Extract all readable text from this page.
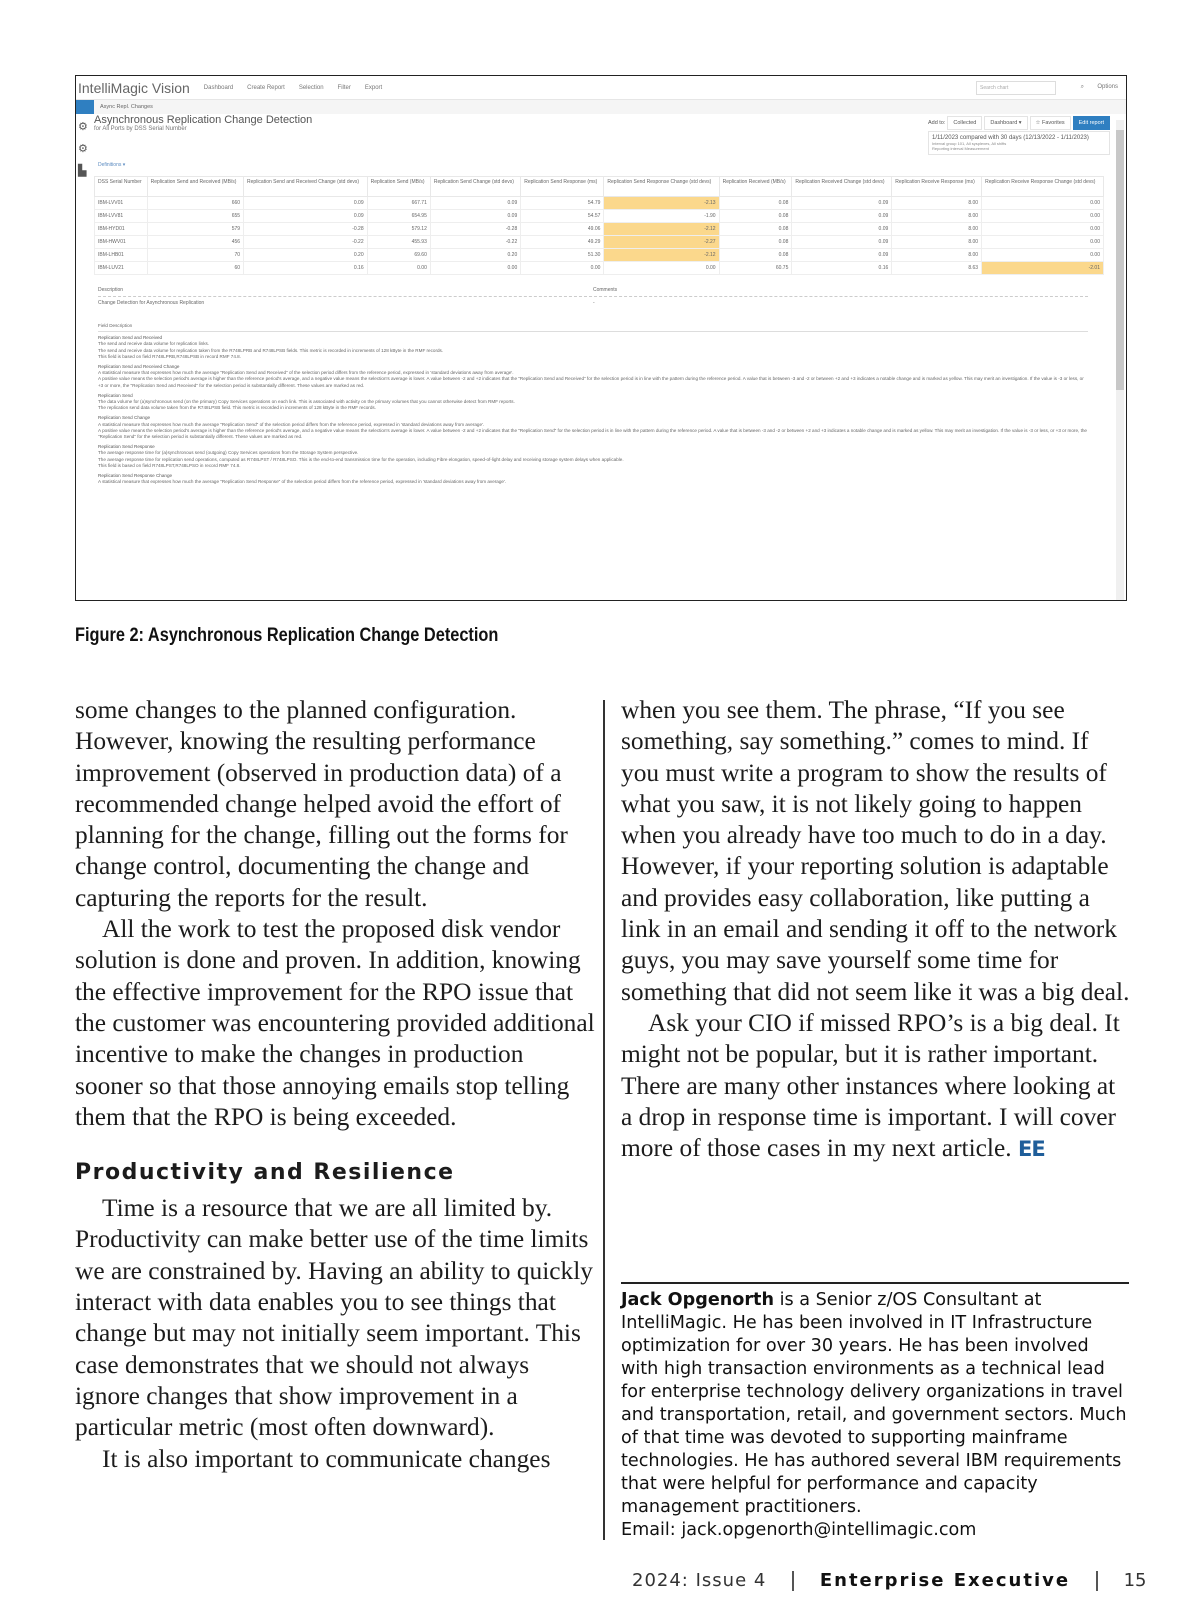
IntelliMagic Vision Dashboard Create Report Selection Filter Export	Search chart	⌕ Options
Async Repl. Changes
⚙
⚙
▙
Asynchronous Replication Change Detection
for All Ports by DSS Serial Number
Add to:	Collected	Dashboard ▾	☆ Favorites	Edit report
1/11/2023 compared with 30 days (12/13/2022 - 1/11/2023)
Interval group 101, All sysplexes, All shifts
Reporting interval Measurement
Definitions ▾
DSS Serial Number	Replication Send and Received (MB/s)	Replication Send and Received Change (std devs)	Replication Send (MB/s)	Replication Send Change (std devs)	Replication Send Response (ms)	Replication Send Response Change (std devs)	Replication Received (MB/s)	Replication Received Change (std devs)	Replication Receive Response (ms)	Replication Receive Response Change (std devs)
IBM-LVV01	660	0.09	667.71	0.09	54.79	-2.13	0.08	0.09	8.00	0.00
IBM-LVV81	655	0.09	654.95	0.09	54.57	-1.90	0.08	0.09	8.00	0.00
IBM-HYD01	579	-0.28	579.12	-0.28	49.06	-2.12	0.08	0.09	8.00	0.00
IBM-HWV01	456	-0.22	455.93	-0.22	49.29	-2.27	0.08	0.09	8.00	0.00
IBM-LHB01	70	0.20	69.60	0.20	51.30	-2.12	0.08	0.09	8.00	0.00
IBM-LUV21	60	0.16	0.00	0.00	0.00	0.00	60.75	0.16	8.63	-2.01
Description	Comments
Change Detection for Asynchronous Replication	-
Field Description
Replication Send and Received
The send and receive data volume for replication links.
The send and receive data volume for replication taken from the R748LPRB and R748LPSB fields. This metric is recorded in increments of 128 kByte in the RMF records.
This field is based on field R748LPRB,R748LPSB in record RMF 74.8.
Replication Send and Received Change
A statistical measure that expresses how much the average "Replication Send and Received" of the selection period differs from the reference period, expressed in 'standard deviations away from average'.
A positive value means the selection period's average is higher than the reference period's average, and a negative value means the selection's average is lower. A value between -2 and +2 indicates that the "Replication Send and Received" for the selection period is in line with the pattern during the reference period. A value that is between -3 and -2 or between +2 and +3 indicates a notable change and is marked as yellow. This may merit an investigation. If the value is -3 or less, or +3 or more, the "Replication Send and Received" for the selection period is substantially different. These values are marked as red.
Replication Send
The data volume for (a)synchronous send (on the primary) Copy Services operations on each link. This is associated with activity on the primary volumes that you cannot otherwise detect from RMF reports.
The replication send data volume taken from the R748LPSB field. This metric is recorded in increments of 128 kByte in the RMF records.
Replication Send Change
A statistical measure that expresses how much the average "Replication Send" of the selection period differs from the reference period, expressed in 'standard deviations away from average'.
A positive value means the selection period's average is higher than the reference period's average, and a negative value means the selection's average is lower. A value between -2 and +2 indicates that the "Replication Send" for the selection period is in line with the pattern during the reference period. A value that is between -3 and -2 or between +2 and +3 indicates a notable change and is marked as yellow. This may merit an investigation. If the value is -3 or less, or +3 or more, the "Replication Send" for the selection period is substantially different. These values are marked as red.
Replication Send Response
The average response time for (a)synchronous send (outgoing) Copy Services operations from the Storage System perspective.
The average response time for replication send operations, computed as R748LPST / R748LPSO. This is the end-to-end transmission time for the operation, including Fibre elongation, speed-of-light delay and receiving storage system delays when applicable.
This field is based on field R748LPST,R748LPSO in record RMF 74.8.
Replication Send Response Change
A statistical measure that expresses how much the average "Replication Send Response" of the selection period differs from the reference period, expressed in 'standard deviations away from average'.
Figure 2: Asynchronous Replication Change Detection

some changes to the planned configuration. However, knowing the resulting performance improvement (observed in production data) of a recommended change helped avoid the effort of planning for the change, filling out the forms for change control, documenting the change and capturing the reports for the result.

All the work to test the proposed disk vendor solution is done and proven. In addition, knowing the effective improvement for the RPO issue that the customer was encountering provided additional incentive to make the changes in production sooner so that those annoying emails stop telling them that the RPO is being exceeded.

Productivity and Resilience

Time is a resource that we are all limited by. Productivity can make better use of the time limits we are constrained by. Having an ability to quickly interact with data enables you to see things that change but may not initially seem important. This case demonstrates that we should not always ignore changes that show improvement in a particular metric (most often downward).

It is also important to communicate changes

when you see them. The phrase, “If you see something, say something.” comes to mind. If you must write a program to show the results of what you saw, it is not likely going to happen when you already have too much to do in a day. However, if your reporting solution is adaptable and provides easy collaboration, like putting a link in an email and sending it off to the network guys, you may save yourself some time for something that did not seem like it was a big deal.

Ask your CIO if missed RPO’s is a big deal. It might not be popular, but it is rather important. There are many other instances where looking at a drop in response time is important. I will cover more of those cases in my next article. EE

Jack Opgenorth is a Senior z/OS Consultant at IntelliMagic. He has been involved in IT Infrastructure optimization for over 30 years. He has been involved with high transaction environments as a technical lead for enterprise technology delivery organizations in travel and transportation, retail, and government sectors. Much of that time was devoted to supporting mainframe technologies. He has authored several IBM requirements that were helpful for performance and capacity management practitioners.
Email: jack.opgenorth@intellimagic.com
2024: Issue 4	Enterprise Executive	15
